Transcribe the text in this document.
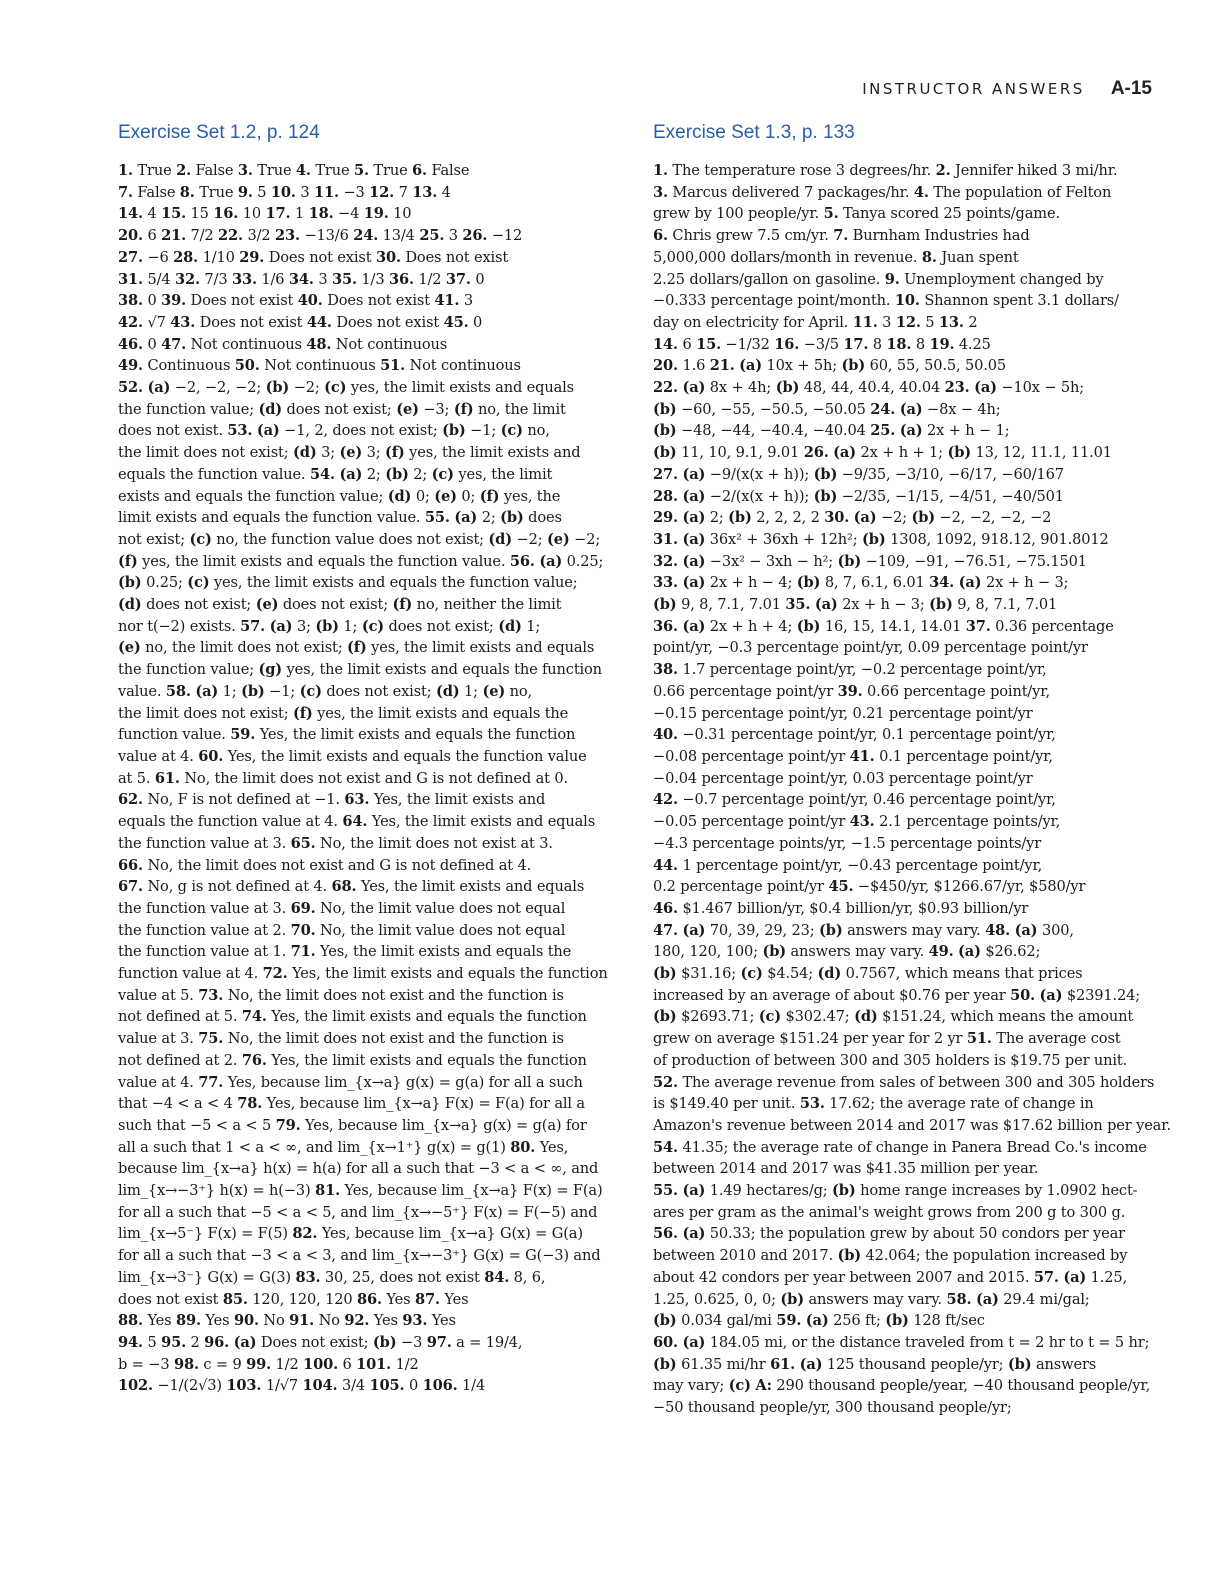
INSTRUCTOR ANSWERS A-15
Exercise Set 1.2, p. 124
1. True 2. False 3. True 4. True 5. True 6. False
7. False 8. True 9. 5 10. 3 11. −3 12. 7 13. 4
14. 4 15. 15 16. 10 17. 1 18. −4 19. 10
20. 6 21. 7/2 22. 3/2 23. −13/6 24. 13/4 25. 3 26. −12
27. −6 28. 1/10 29. Does not exist 30. Does not exist
31. 5/4 32. 7/3 33. 1/6 34. 3 35. 1/3 36. 1/2 37. 0
38. 0 39. Does not exist 40. Does not exist 41. 3
42. √7 43. Does not exist 44. Does not exist 45. 0
46. 0 47. Not continuous 48. Not continuous
49. Continuous 50. Not continuous 51. Not continuous
52. (a) −2, −2, −2; (b) −2; (c) yes, the limit exists and equals
the function value; (d) does not exist; (e) −3; (f) no, the limit
does not exist. 53. (a) −1, 2, does not exist; (b) −1; (c) no,
the limit does not exist; (d) 3; (e) 3; (f) yes, the limit exists and
equals the function value. 54. (a) 2; (b) 2; (c) yes, the limit
exists and equals the function value; (d) 0; (e) 0; (f) yes, the
limit exists and equals the function value. 55. (a) 2; (b) does
not exist; (c) no, the function value does not exist; (d) −2; (e) −2;
(f) yes, the limit exists and equals the function value. 56. (a) 0.25;
(b) 0.25; (c) yes, the limit exists and equals the function value;
(d) does not exist; (e) does not exist; (f) no, neither the limit
nor t(−2) exists. 57. (a) 3; (b) 1; (c) does not exist; (d) 1;
(e) no, the limit does not exist; (f) yes, the limit exists and equals
the function value; (g) yes, the limit exists and equals the function
value. 58. (a) 1; (b) −1; (c) does not exist; (d) 1; (e) no,
the limit does not exist; (f) yes, the limit exists and equals the
function value. 59. Yes, the limit exists and equals the function
value at 4. 60. Yes, the limit exists and equals the function value
at 5. 61. No, the limit does not exist and G is not defined at 0.
62. No, F is not defined at −1. 63. Yes, the limit exists and
equals the function value at 4. 64. Yes, the limit exists and equals
the function value at 3. 65. No, the limit does not exist at 3.
66. No, the limit does not exist and G is not defined at 4.
67. No, g is not defined at 4. 68. Yes, the limit exists and equals
the function value at 3. 69. No, the limit value does not equal
the function value at 2. 70. No, the limit value does not equal
the function value at 1. 71. Yes, the limit exists and equals the
function value at 4. 72. Yes, the limit exists and equals the function
value at 5. 73. No, the limit does not exist and the function is
not defined at 5. 74. Yes, the limit exists and equals the function
value at 3. 75. No, the limit does not exist and the function is
not defined at 2. 76. Yes, the limit exists and equals the function
value at 4. 77. Yes, because lim_{x→a} g(x) = g(a) for all a such
that −4 < a < 4 78. Yes, because lim_{x→a} F(x) = F(a) for all a
such that −5 < a < 5 79. Yes, because lim_{x→a} g(x) = g(a) for
all a such that 1 < a < ∞, and lim_{x→1⁺} g(x) = g(1) 80. Yes,
because lim_{x→a} h(x) = h(a) for all a such that −3 < a < ∞, and
lim_{x→−3⁺} h(x) = h(−3) 81. Yes, because lim_{x→a} F(x) = F(a)
for all a such that −5 < a < 5, and lim_{x→−5⁺} F(x) = F(−5) and
lim_{x→5⁻} F(x) = F(5) 82. Yes, because lim_{x→a} G(x) = G(a)
for all a such that −3 < a < 3, and lim_{x→−3⁺} G(x) = G(−3) and
lim_{x→3⁻} G(x) = G(3) 83. 30, 25, does not exist 84. 8, 6,
does not exist 85. 120, 120, 120 86. Yes 87. Yes
88. Yes 89. Yes 90. No 91. No 92. Yes 93. Yes
94. 5 95. 2 96. (a) Does not exist; (b) −3 97. a = 19/4,
b = −3 98. c = 9 99. 1/2 100. 6 101. 1/2
102. −1/(2√3) 103. 1/√7 104. 3/4 105. 0 106. 1/4
Exercise Set 1.3, p. 133
1. The temperature rose 3 degrees/hr. 2. Jennifer hiked 3 mi/hr.
3. Marcus delivered 7 packages/hr. 4. The population of Felton
grew by 100 people/yr. 5. Tanya scored 25 points/game.
6. Chris grew 7.5 cm/yr. 7. Burnham Industries had
5,000,000 dollars/month in revenue. 8. Juan spent
2.25 dollars/gallon on gasoline. 9. Unemployment changed by
−0.333 percentage point/month. 10. Shannon spent 3.1 dollars/
day on electricity for April. 11. 3 12. 5 13. 2
14. 6 15. −1/32 16. −3/5 17. 8 18. 8 19. 4.25
20. 1.6 21. (a) 10x + 5h; (b) 60, 55, 50.5, 50.05
22. (a) 8x + 4h; (b) 48, 44, 40.4, 40.04 23. (a) −10x − 5h;
(b) −60, −55, −50.5, −50.05 24. (a) −8x − 4h;
(b) −48, −44, −40.4, −40.04 25. (a) 2x + h − 1;
(b) 11, 10, 9.1, 9.01 26. (a) 2x + h + 1; (b) 13, 12, 11.1, 11.01
27. (a) −9/(x(x + h)); (b) −9/35, −3/10, −6/17, −60/167
28. (a) −2/(x(x + h)); (b) −2/35, −1/15, −4/51, −40/501
29. (a) 2; (b) 2, 2, 2, 2 30. (a) −2; (b) −2, −2, −2, −2
31. (a) 36x² + 36xh + 12h²; (b) 1308, 1092, 918.12, 901.8012
32. (a) −3x² − 3xh − h²; (b) −109, −91, −76.51, −75.1501
33. (a) 2x + h − 4; (b) 8, 7, 6.1, 6.01 34. (a) 2x + h − 3;
(b) 9, 8, 7.1, 7.01 35. (a) 2x + h − 3; (b) 9, 8, 7.1, 7.01
36. (a) 2x + h + 4; (b) 16, 15, 14.1, 14.01 37. 0.36 percentage
point/yr, −0.3 percentage point/yr, 0.09 percentage point/yr
38. 1.7 percentage point/yr, −0.2 percentage point/yr,
0.66 percentage point/yr 39. 0.66 percentage point/yr,
−0.15 percentage point/yr, 0.21 percentage point/yr
40. −0.31 percentage point/yr, 0.1 percentage point/yr,
−0.08 percentage point/yr 41. 0.1 percentage point/yr,
−0.04 percentage point/yr, 0.03 percentage point/yr
42. −0.7 percentage point/yr, 0.46 percentage point/yr,
−0.05 percentage point/yr 43. 2.1 percentage points/yr,
−4.3 percentage points/yr, −1.5 percentage points/yr
44. 1 percentage point/yr, −0.43 percentage point/yr,
0.2 percentage point/yr 45. −$450/yr, $1266.67/yr, $580/yr
46. $1.467 billion/yr, $0.4 billion/yr, $0.93 billion/yr
47. (a) 70, 39, 29, 23; (b) answers may vary. 48. (a) 300,
180, 120, 100; (b) answers may vary. 49. (a) $26.62;
(b) $31.16; (c) $4.54; (d) 0.7567, which means that prices
increased by an average of about $0.76 per year 50. (a) $2391.24;
(b) $2693.71; (c) $302.47; (d) $151.24, which means the amount
grew on average $151.24 per year for 2 yr 51. The average cost
of production of between 300 and 305 holders is $19.75 per unit.
52. The average revenue from sales of between 300 and 305 holders
is $149.40 per unit. 53. 17.62; the average rate of change in
Amazon's revenue between 2014 and 2017 was $17.62 billion per year.
54. 41.35; the average rate of change in Panera Bread Co.'s income
between 2014 and 2017 was $41.35 million per year.
55. (a) 1.49 hectares/g; (b) home range increases by 1.0902 hect-
ares per gram as the animal's weight grows from 200 g to 300 g.
56. (a) 50.33; the population grew by about 50 condors per year
between 2010 and 2017. (b) 42.064; the population increased by
about 42 condors per year between 2007 and 2015. 57. (a) 1.25,
1.25, 0.625, 0, 0; (b) answers may vary. 58. (a) 29.4 mi/gal;
(b) 0.034 gal/mi 59. (a) 256 ft; (b) 128 ft/sec
60. (a) 184.05 mi, or the distance traveled from t = 2 hr to t = 5 hr;
(b) 61.35 mi/hr 61. (a) 125 thousand people/yr; (b) answers
may vary; (c) A: 290 thousand people/year, −40 thousand people/yr,
−50 thousand people/yr, 300 thousand people/yr;
